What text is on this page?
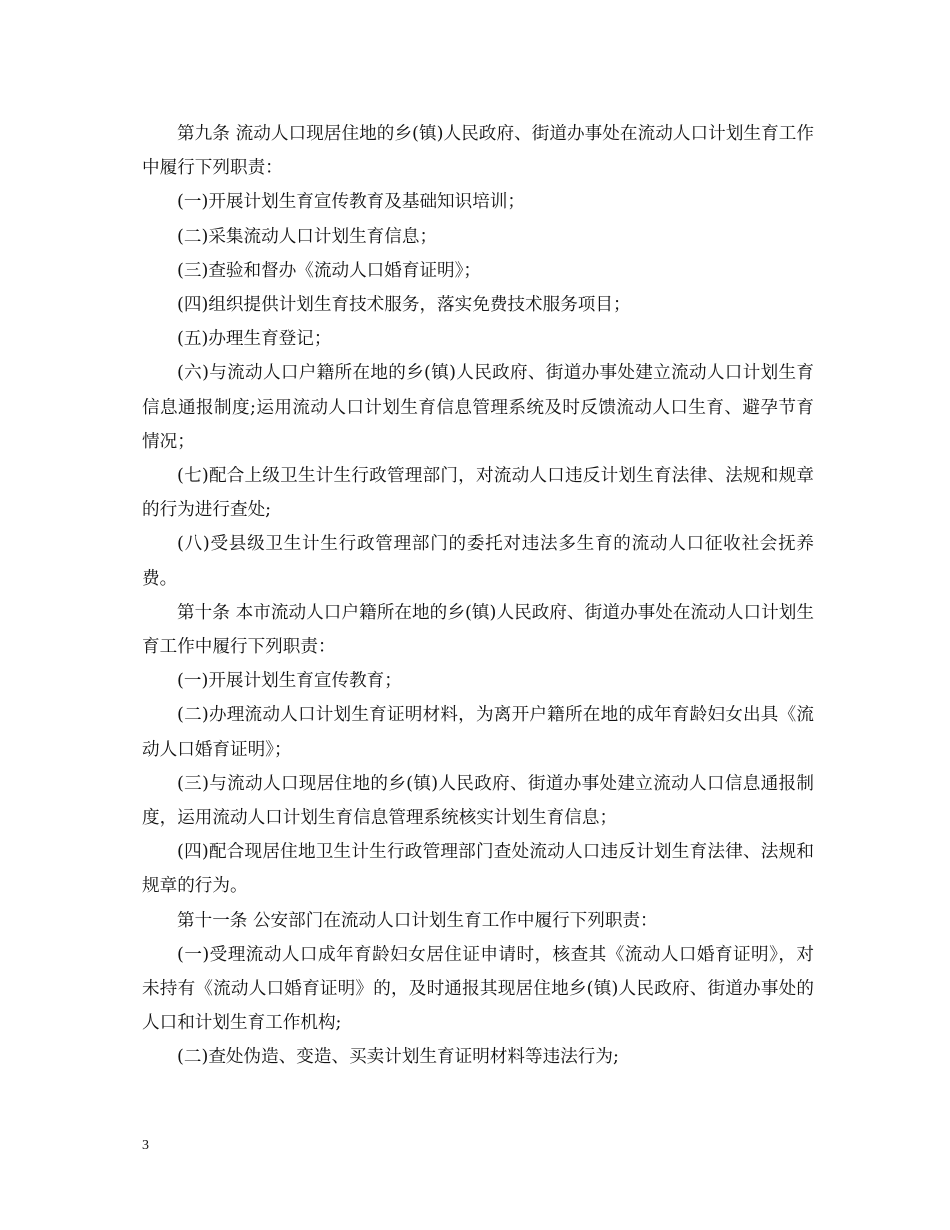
第九条 流动人口现居住地的乡(镇)人民政府、街道办事处在流动人口计划生育工作中履行下列职责：

(一)开展计划生育宣传教育及基础知识培训；

(二)采集流动人口计划生育信息；

(三)查验和督办《流动人口婚育证明》；

(四)组织提供计划生育技术服务，落实免费技术服务项目；

(五)办理生育登记；

(六)与流动人口户籍所在地的乡(镇)人民政府、街道办事处建立流动人口计划生育信息通报制度;运用流动人口计划生育信息管理系统及时反馈流动人口生育、避孕节育情况；

(七)配合上级卫生计生行政管理部门，对流动人口违反计划生育法律、法规和规章的行为进行查处;

(八)受县级卫生计生行政管理部门的委托对违法多生育的流动人口征收社会抚养费。

第十条 本市流动人口户籍所在地的乡(镇)人民政府、街道办事处在流动人口计划生育工作中履行下列职责：

(一)开展计划生育宣传教育；

(二)办理流动人口计划生育证明材料，为离开户籍所在地的成年育龄妇女出具《流动人口婚育证明》；

(三)与流动人口现居住地的乡(镇)人民政府、街道办事处建立流动人口信息通报制度，运用流动人口计划生育信息管理系统核实计划生育信息；

(四)配合现居住地卫生计生行政管理部门查处流动人口违反计划生育法律、法规和规章的行为。

第十一条 公安部门在流动人口计划生育工作中履行下列职责：

(一)受理流动人口成年育龄妇女居住证申请时，核查其《流动人口婚育证明》，对未持有《流动人口婚育证明》的，及时通报其现居住地乡(镇)人民政府、街道办事处的人口和计划生育工作机构;

(二)查处伪造、变造、买卖计划生育证明材料等违法行为;

3
